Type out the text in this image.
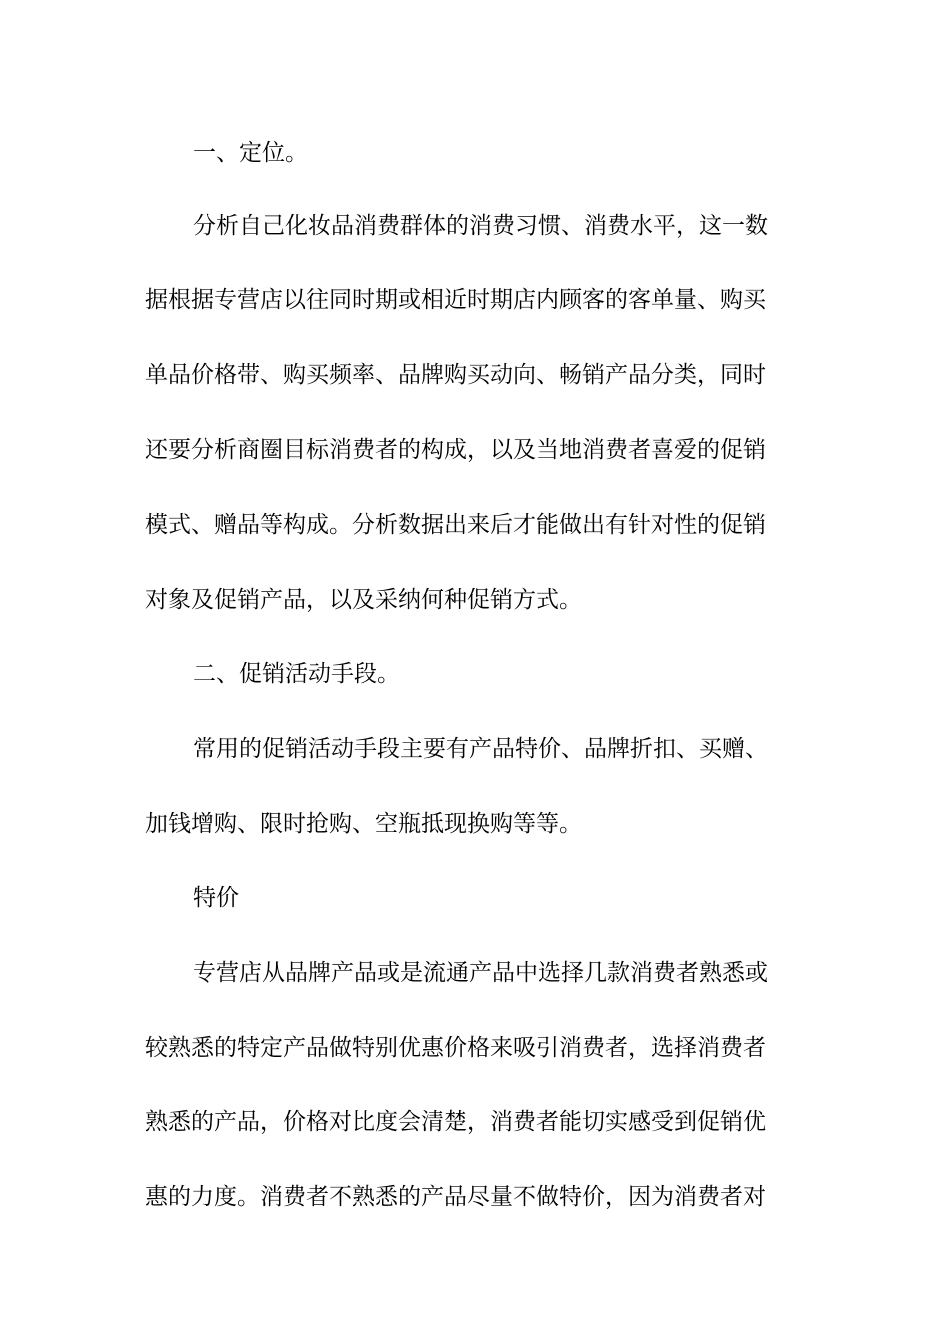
一、定位。

分析自己化妆品消费群体的消费习惯、消费水平，这一数

据根据专营店以往同时期或相近时期店内顾客的客单量、购买

单品价格带、购买频率、品牌购买动向、畅销产品分类，同时

还要分析商圈目标消费者的构成，以及当地消费者喜爱的促销

模式、赠品等构成。分析数据出来后才能做出有针对性的促销

对象及促销产品，以及采纳何种促销方式。

二、促销活动手段。

常用的促销活动手段主要有产品特价、品牌折扣、买赠、

加钱增购、限时抢购、空瓶抵现换购等等。

特价

专营店从品牌产品或是流通产品中选择几款消费者熟悉或

较熟悉的特定产品做特别优惠价格来吸引消费者，选择消费者

熟悉的产品，价格对比度会清楚，消费者能切实感受到促销优

惠的力度。消费者不熟悉的产品尽量不做特价，因为消费者对
